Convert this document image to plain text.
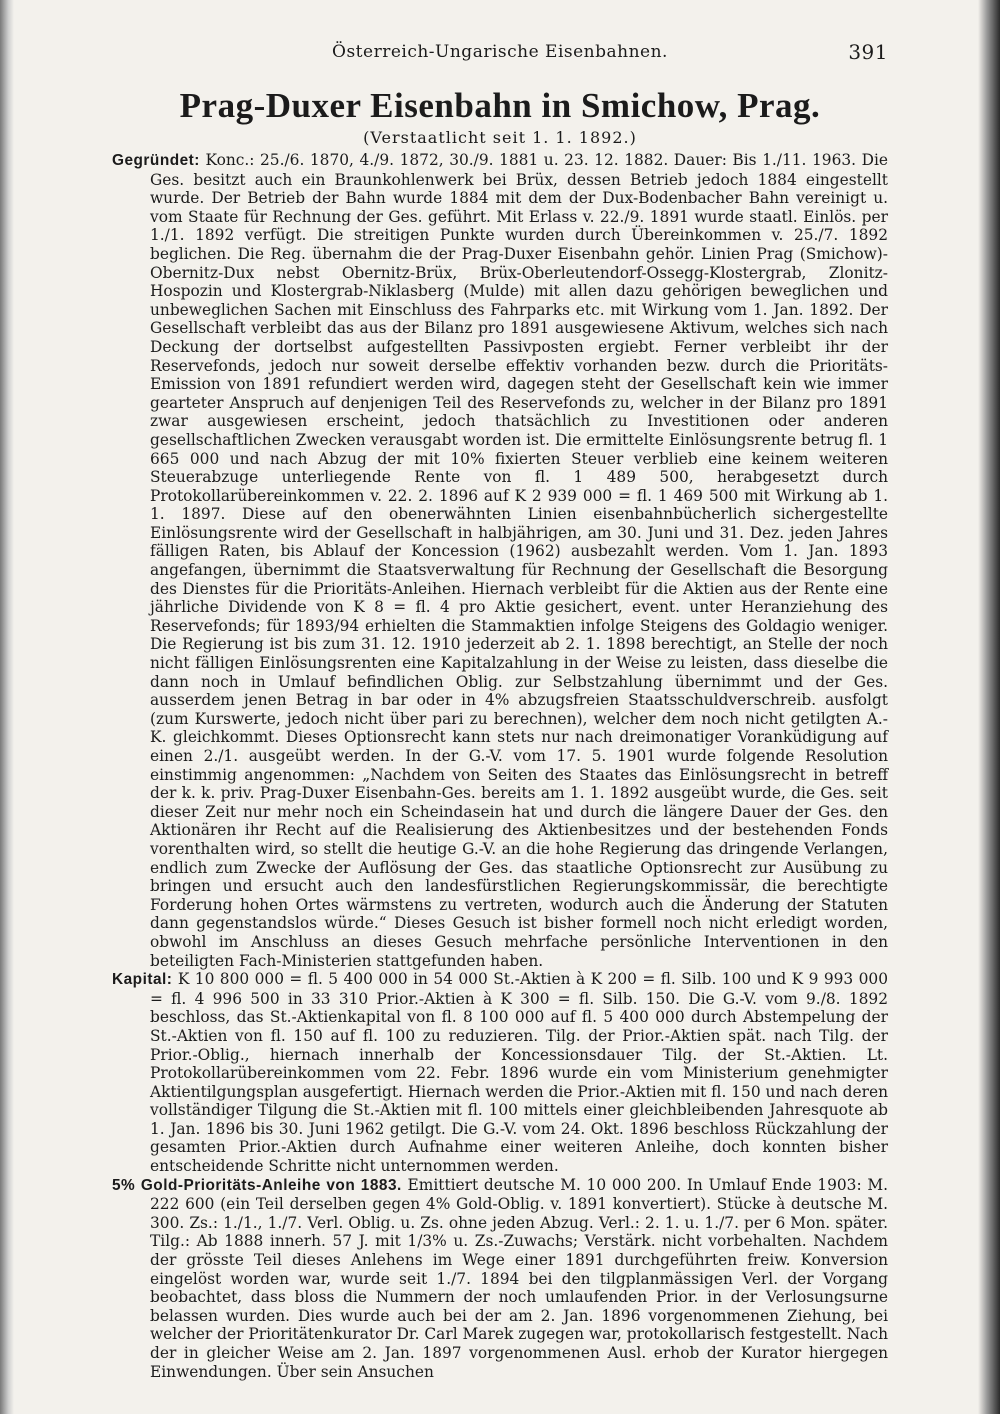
Österreich-Ungarische Eisenbahnen.	391
Prag-Duxer Eisenbahn in Smichow, Prag.
(Verstaatlicht seit 1. 1. 1892.)

Gegründet: Konc.: 25./6. 1870, 4./9. 1872, 30./9. 1881 u. 23. 12. 1882. Dauer: Bis 1./11. 1963. Die Ges. besitzt auch ein Braunkohlenwerk bei Brüx, dessen Betrieb jedoch 1884 eingestellt wurde. Der Betrieb der Bahn wurde 1884 mit dem der Dux-Bodenbacher Bahn vereinigt u. vom Staate für Rechnung der Ges. geführt. Mit Erlass v. 22./9. 1891 wurde staatl. Einlös. per 1./1. 1892 verfügt. Die streitigen Punkte wurden durch Übereinkommen v. 25./7. 1892 beglichen. Die Reg. übernahm die der Prag-Duxer Eisenbahn gehör. Linien Prag (Smichow)-Obernitz-Dux nebst Obernitz-Brüx, Brüx-Oberleutendorf-Ossegg-Klostergrab, Zlonitz-Hospozin und Klostergrab-Niklasberg (Mulde) mit allen dazu gehörigen beweglichen und unbeweglichen Sachen mit Einschluss des Fahrparks etc. mit Wirkung vom 1. Jan. 1892. Der Gesellschaft verbleibt das aus der Bilanz pro 1891 ausgewiesene Aktivum, welches sich nach Deckung der dortselbst aufgestellten Passivposten ergiebt. Ferner verbleibt ihr der Reservefonds, jedoch nur soweit derselbe effektiv vorhanden bezw. durch die Prioritäts-Emission von 1891 refundiert werden wird, dagegen steht der Gesellschaft kein wie immer gearteter Anspruch auf denjenigen Teil des Reservefonds zu, welcher in der Bilanz pro 1891 zwar ausgewiesen erscheint, jedoch thatsächlich zu Investitionen oder anderen gesellschaftlichen Zwecken verausgabt worden ist. Die ermittelte Einlösungsrente betrug fl. 1 665 000 und nach Abzug der mit 10% fixierten Steuer verblieb eine keinem weiteren Steuerabzuge unterliegende Rente von fl. 1 489 500, herabgesetzt durch Protokollarübereinkommen v. 22. 2. 1896 auf K 2 939 000 = fl. 1 469 500 mit Wirkung ab 1. 1. 1897. Diese auf den obenerwähnten Linien eisenbahnbücherlich sichergestellte Einlösungsrente wird der Gesellschaft in halbjährigen, am 30. Juni und 31. Dez. jeden Jahres fälligen Raten, bis Ablauf der Koncession (1962) ausbezahlt werden. Vom 1. Jan. 1893 angefangen, übernimmt die Staatsverwaltung für Rechnung der Gesellschaft die Besorgung des Dienstes für die Prioritäts-Anleihen. Hiernach verbleibt für die Aktien aus der Rente eine jährliche Dividende von K 8 = fl. 4 pro Aktie gesichert, event. unter Heranziehung des Reservefonds; für 1893/94 erhielten die Stammaktien infolge Steigens des Goldagio weniger. Die Regierung ist bis zum 31. 12. 1910 jederzeit ab 2. 1. 1898 berechtigt, an Stelle der noch nicht fälligen Einlösungsrenten eine Kapitalzahlung in der Weise zu leisten, dass dieselbe die dann noch in Umlauf befindlichen Oblig. zur Selbstzahlung übernimmt und der Ges. ausserdem jenen Betrag in bar oder in 4% abzugsfreien Staatsschuldverschreib. ausfolgt (zum Kurswerte, jedoch nicht über pari zu berechnen), welcher dem noch nicht getilgten A.-K. gleichkommt. Dieses Optionsrecht kann stets nur nach dreimonatiger Voranküdigung auf einen 2./1. ausgeübt werden. In der G.-V. vom 17. 5. 1901 wurde folgende Resolution einstimmig angenommen: „Nachdem von Seiten des Staates das Einlösungsrecht in betreff der k. k. priv. Prag-Duxer Eisenbahn-Ges. bereits am 1. 1. 1892 ausgeübt wurde, die Ges. seit dieser Zeit nur mehr noch ein Scheindasein hat und durch die längere Dauer der Ges. den Aktionären ihr Recht auf die Realisierung des Aktienbesitzes und der bestehenden Fonds vorenthalten wird, so stellt die heutige G.-V. an die hohe Regierung das dringende Verlangen, endlich zum Zwecke der Auflösung der Ges. das staatliche Optionsrecht zur Ausübung zu bringen und ersucht auch den landesfürstlichen Regierungskommissär, die berechtigte Forderung hohen Ortes wärmstens zu vertreten, wodurch auch die Änderung der Statuten dann gegenstandslos würde.“ Dieses Gesuch ist bisher formell noch nicht erledigt worden, obwohl im Anschluss an dieses Gesuch mehrfache persönliche Interventionen in den beteiligten Fach-Ministerien stattgefunden haben.

Kapital: K 10 800 000 = fl. 5 400 000 in 54 000 St.-Aktien à K 200 = fl. Silb. 100 und K 9 993 000 = fl. 4 996 500 in 33 310 Prior.-Aktien à K 300 = fl. Silb. 150. Die G.-V. vom 9./8. 1892 beschloss, das St.-Aktienkapital von fl. 8 100 000 auf fl. 5 400 000 durch Abstempelung der St.-Aktien von fl. 150 auf fl. 100 zu reduzieren. Tilg. der Prior.-Aktien spät. nach Tilg. der Prior.-Oblig., hiernach innerhalb der Koncessionsdauer Tilg. der St.-Aktien. Lt. Protokollarübereinkommen vom 22. Febr. 1896 wurde ein vom Ministerium genehmigter Aktientilgungsplan ausgefertigt. Hiernach werden die Prior.-Aktien mit fl. 150 und nach deren vollständiger Tilgung die St.-Aktien mit fl. 100 mittels einer gleichbleibenden Jahresquote ab 1. Jan. 1896 bis 30. Juni 1962 getilgt. Die G.-V. vom 24. Okt. 1896 beschloss Rückzahlung der gesamten Prior.-Aktien durch Aufnahme einer weiteren Anleihe, doch konnten bisher entscheidende Schritte nicht unternommen werden.

5% Gold-Prioritäts-Anleihe von 1883. Emittiert deutsche M. 10 000 200. In Umlauf Ende 1903: M. 222 600 (ein Teil derselben gegen 4% Gold-Oblig. v. 1891 konvertiert). Stücke à deutsche M. 300. Zs.: 1./1., 1./7. Verl. Oblig. u. Zs. ohne jeden Abzug. Verl.: 2. 1. u. 1./7. per 6 Mon. später. Tilg.: Ab 1888 innerh. 57 J. mit 1/3% u. Zs.-Zuwachs; Verstärk. nicht vorbehalten. Nachdem der grösste Teil dieses Anlehens im Wege einer 1891 durchgeführten freiw. Konversion eingelöst worden war, wurde seit 1./7. 1894 bei den tilgplanmässigen Verl. der Vorgang beobachtet, dass bloss die Nummern der noch umlaufenden Prior. in der Verlosungsurne belassen wurden. Dies wurde auch bei der am 2. Jan. 1896 vorgenommenen Ziehung, bei welcher der Prioritätenkurator Dr. Carl Marek zugegen war, protokollarisch festgestellt. Nach der in gleicher Weise am 2. Jan. 1897 vorgenommenen Ausl. erhob der Kurator hiergegen Einwendungen. Über sein Ansuchen
